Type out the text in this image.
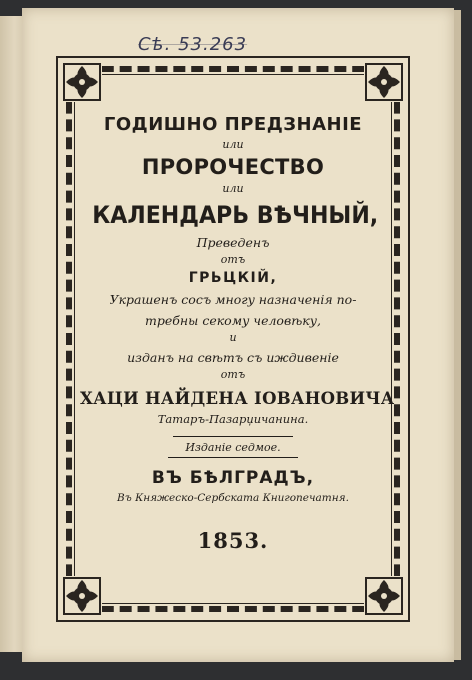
Сѣ. 53.263
ГОДИШНО ПРЕДЗНАНІЕ
или
ПРОРОЧЕСТВО
или
КАЛЕНДАРЬ ВѢЧНЫЙ,
Преведенъ
отъ
ГРЬЦКІЙ,
Украшенъ сосъ многу назначенія по-
требны секому человѣку,
и
изданъ на свѣтъ съ иждивеніе
отъ
ХАЦИ НАЙДЕНА ІОВАНОВИЧА
Татаръ-Пазарџичанина.
Изданіе седмое.
ВЪ БѢЛГРАДЪ,
Въ Княжеско-Сербската Книгопечатня.
1853.
